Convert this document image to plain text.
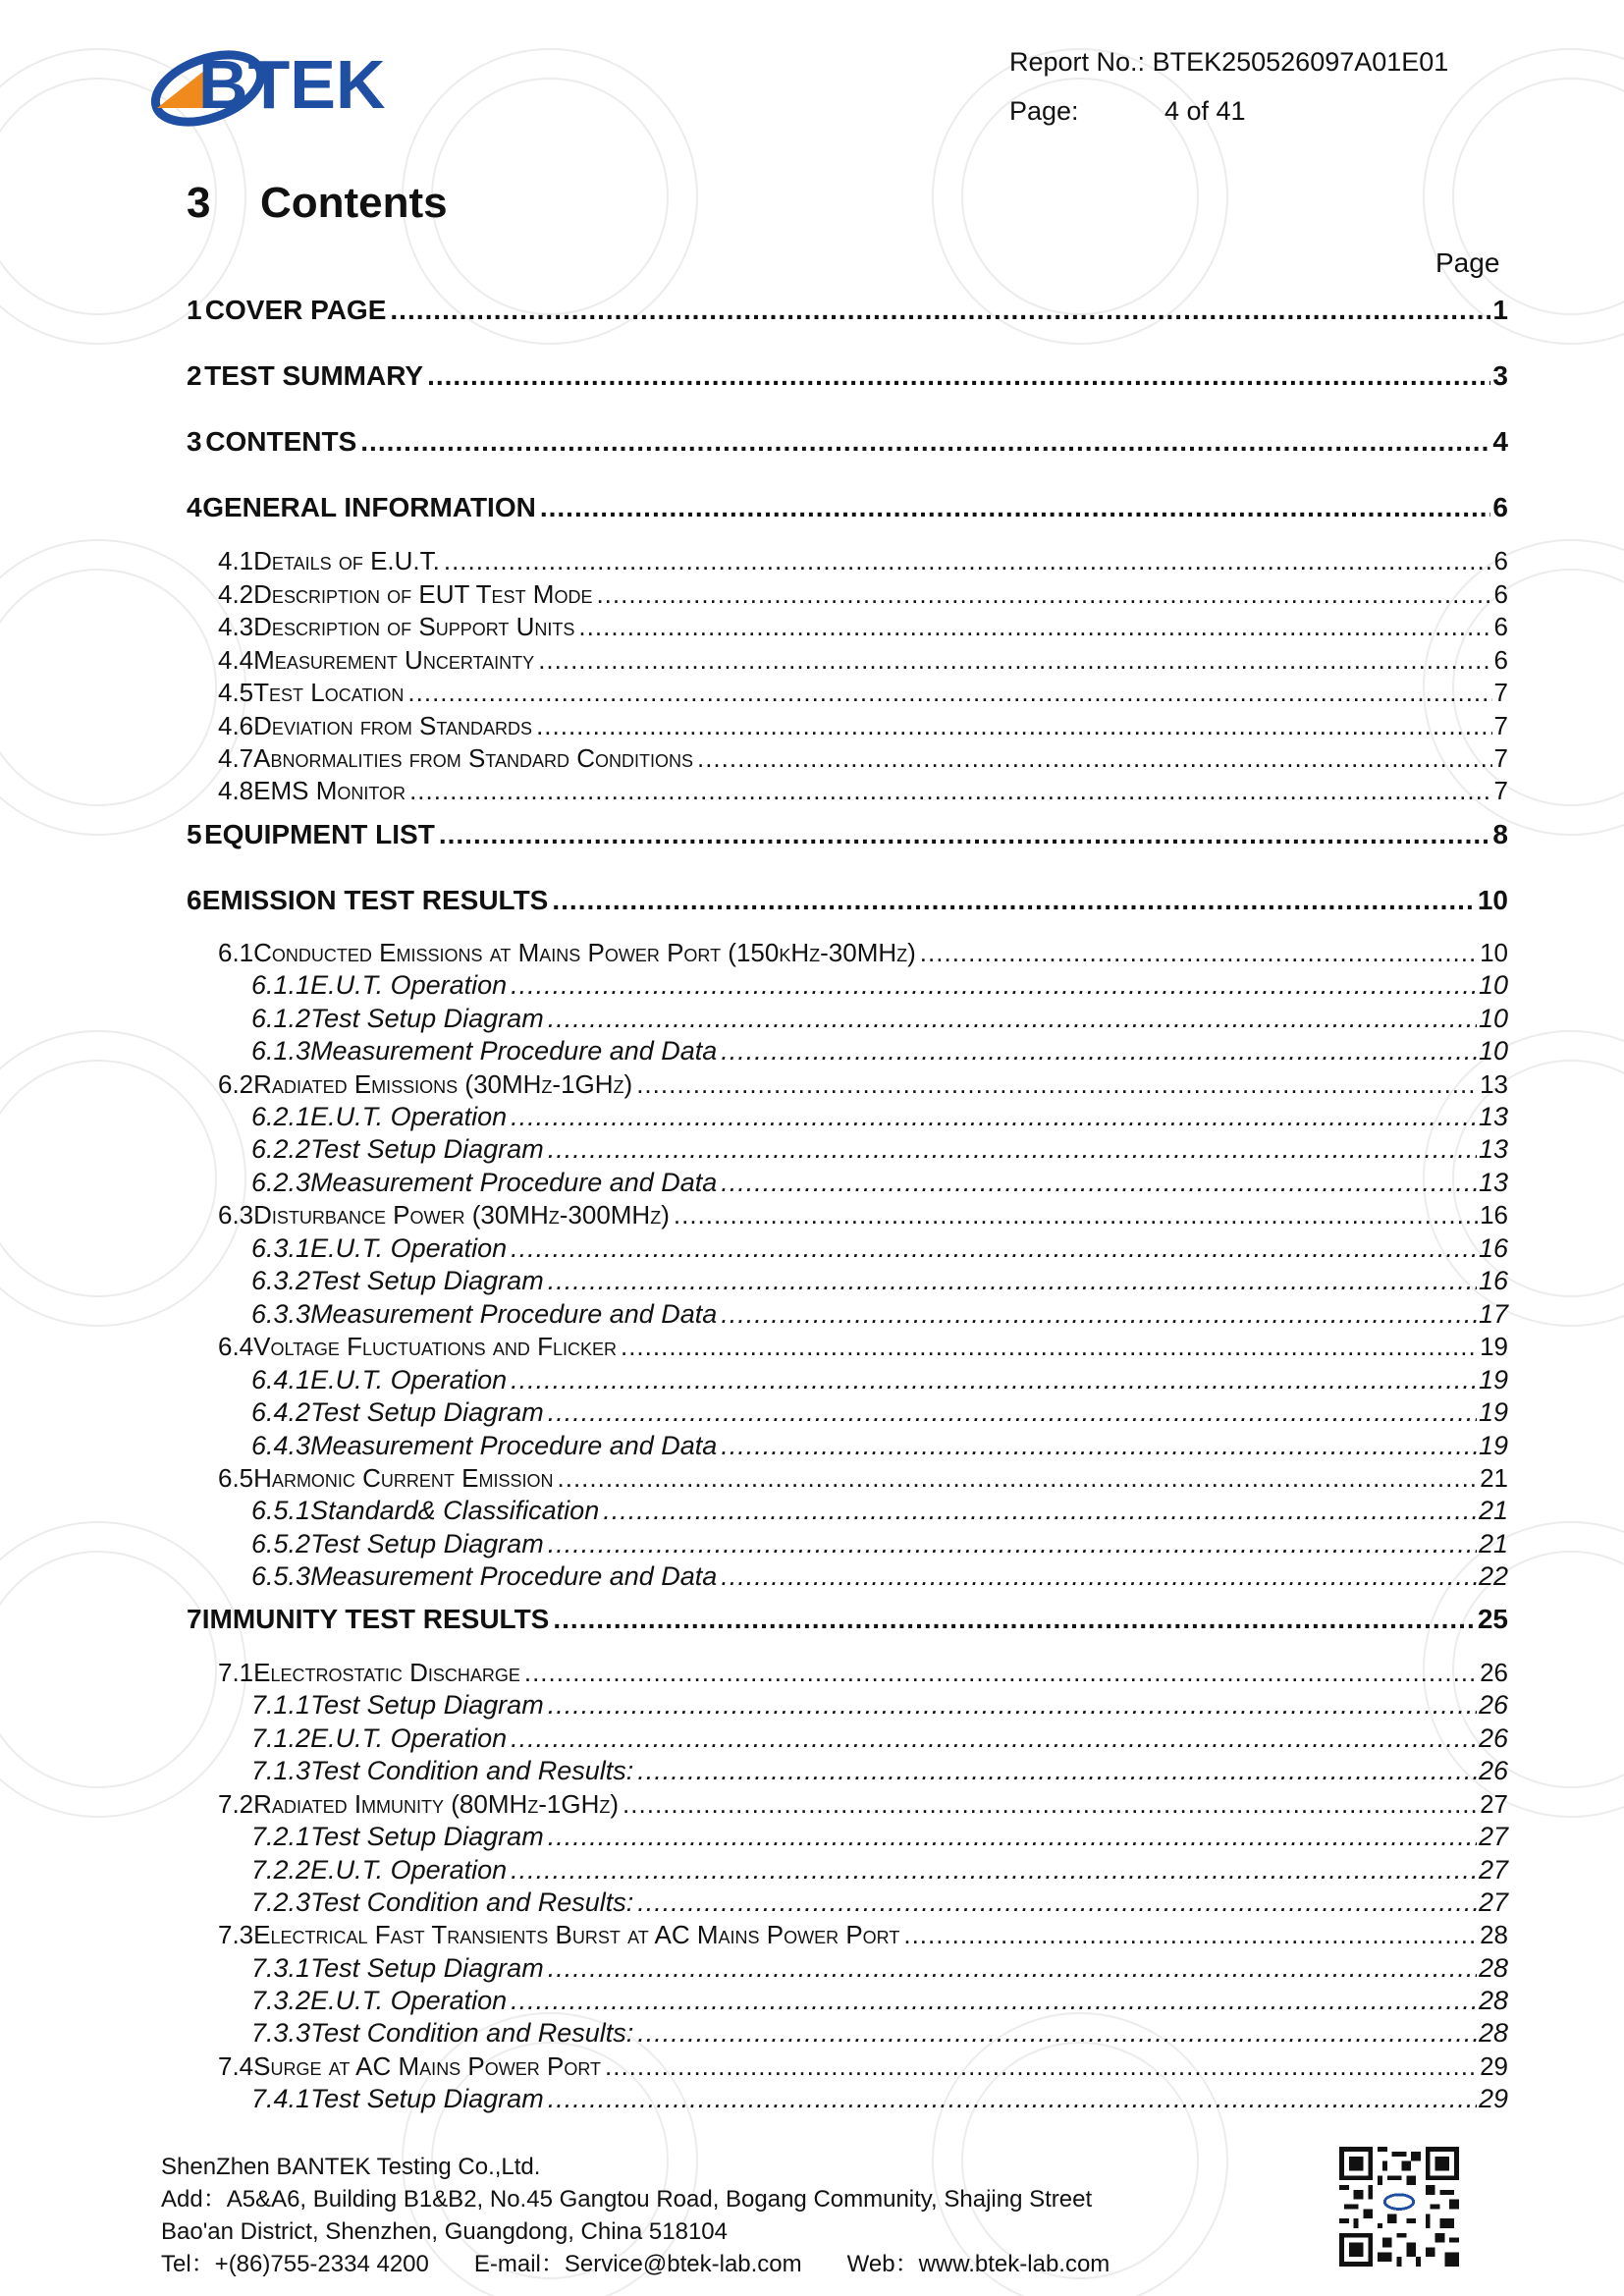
BTEK	Report No.: BTEK250526097A01E01
Page:	4 of 41
3 Contents
Page
1 COVER PAGE .....	1
2 TEST SUMMARY .....	3
3 CONTENTS .....	4
4 GENERAL INFORMATION .....	6
4.1 Details of E.U.T. .....	6
4.2 Description of EUT Test Mode .....	6
4.3 Description of Support Units .....	6
4.4 Measurement Uncertainty .....	6
4.5 Test Location .....	7
4.6 Deviation from Standards .....	7
4.7 Abnormalities from Standard Conditions .....	7
4.8 EMS Monitor .....	7
5 EQUIPMENT LIST .....	8
6 EMISSION TEST RESULTS .....	10
6.1 Conducted Emissions at Mains Power Port (150kHz-30MHz) .....	10
6.1.1 E.U.T. Operation .....	10
6.1.2 Test Setup Diagram .....	10
6.1.3 Measurement Procedure and Data .....	10
6.2 Radiated Emissions (30MHz-1GHz) .....	13
6.2.1 E.U.T. Operation .....	13
6.2.2 Test Setup Diagram .....	13
6.2.3 Measurement Procedure and Data .....	13
6.3 Disturbance Power (30MHz-300MHz) .....	16
6.3.1 E.U.T. Operation .....	16
6.3.2 Test Setup Diagram .....	16
6.3.3 Measurement Procedure and Data .....	17
6.4 Voltage Fluctuations and Flicker .....	19
6.4.1 E.U.T. Operation .....	19
6.4.2 Test Setup Diagram .....	19
6.4.3 Measurement Procedure and Data .....	19
6.5 Harmonic Current Emission .....	21
6.5.1 Standard& Classification .....	21
6.5.2 Test Setup Diagram .....	21
6.5.3 Measurement Procedure and Data .....	22
7 IMMUNITY TEST RESULTS .....	25
7.1 Electrostatic Discharge .....	26
7.1.1 Test Setup Diagram .....	26
7.1.2 E.U.T. Operation .....	26
7.1.3 Test Condition and Results: .....	26
7.2 Radiated Immunity (80MHz-1GHz) .....	27
7.2.1 Test Setup Diagram .....	27
7.2.2 E.U.T. Operation .....	27
7.2.3 Test Condition and Results: .....	27
7.3 Electrical Fast Transients Burst at AC Mains Power Port .....	28
7.3.1 Test Setup Diagram .....	28
7.3.2 E.U.T. Operation .....	28
7.3.3 Test Condition and Results: .....	28
7.4 Surge at AC Mains Power Port .....	29
7.4.1 Test Setup Diagram .....	29
ShenZhen BANTEK Testing Co.,Ltd.
Add：A5&A6, Building B1&B2, No.45 Gangtou Road, Bogang Community, Shajing Street
Bao'an District, Shenzhen, Guangdong, China 518104
Tel：+(86)755-2334 4200 E-mail：Service@btek-lab.com Web：www.btek-lab.com
